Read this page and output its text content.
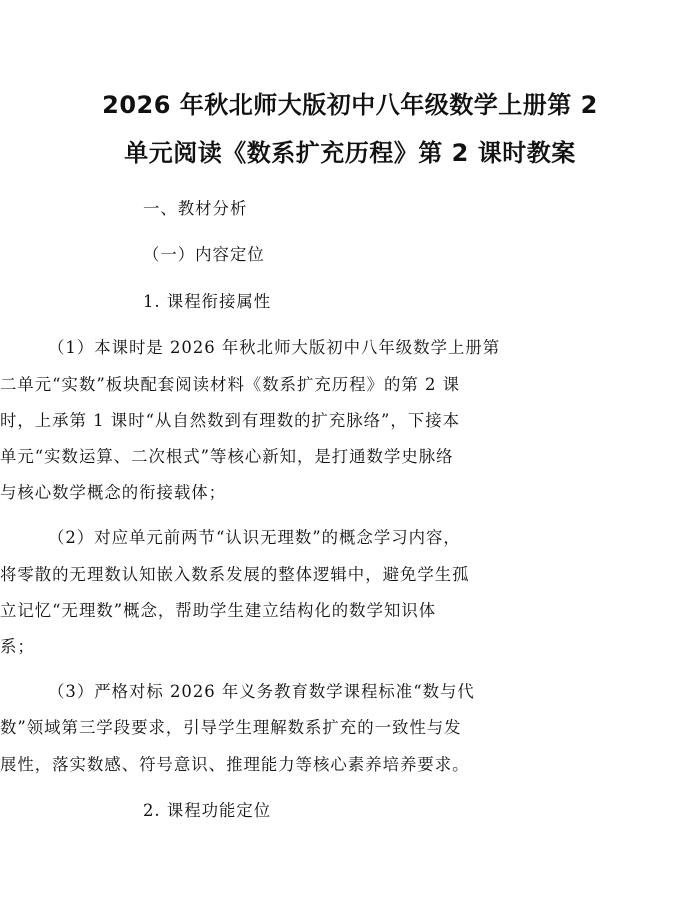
2026 年秋北师大版初中八年级数学上册第 2
单元阅读《数系扩充历程》第 2 课时教案
一、教材分析
（一）内容定位
1. 课程衔接属性
（1）本课时是 2026 年秋北师大版初中八年级数学上册第
二单元“实数”板块配套阅读材料《数系扩充历程》的第 2 课
时，上承第 1 课时“从自然数到有理数的扩充脉络”，下接本
单元“实数运算、二次根式”等核心新知，是打通数学史脉络
与核心数学概念的衔接载体；
（2）对应单元前两节“认识无理数”的概念学习内容，
将零散的无理数认知嵌入数系发展的整体逻辑中，避免学生孤
立记忆“无理数”概念，帮助学生建立结构化的数学知识体
系；
（3）严格对标 2026 年义务教育数学课程标准“数与代
数”领域第三学段要求，引导学生理解数系扩充的一致性与发
展性，落实数感、符号意识、推理能力等核心素养培养要求。
2. 课程功能定位
